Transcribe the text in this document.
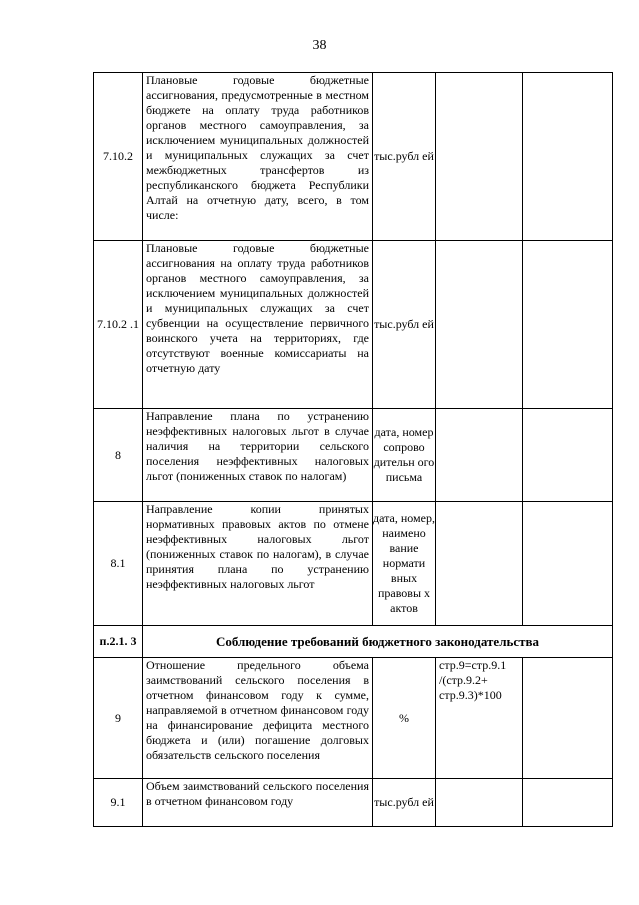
38
7.10.2	Плановые годовые бюджетные ассигнования, предусмотренные в местном бюджете на оплату труда работников органов местного самоуправления, за исключением муниципальных должностей и муниципальных служащих за счет межбюджетных трансфертов из республиканского бюджета Республики Алтай на отчетную дату, всего, в том числе:	тыс.рубл ей		
7.10.2 .1	Плановые годовые бюджетные ассигнования на оплату труда работников органов местного самоуправления, за исключением муниципальных должностей и муниципальных служащих за счет субвенции на осуществление первичного воинского учета на территориях, где отсутствуют военные комиссариаты на отчетную дату	тыс.рубл ей		
8	Направление плана по устранению неэффективных налоговых льгот в случае наличия на территории сельского поселения неэффективных налоговых льгот (пониженных ставок по налогам)	дата, номер сопрово дительн ого письма		
8.1	Направление копии принятых нормативных правовых актов по отмене неэффективных налоговых льгот (пониженных ставок по налогам), в случае принятия плана по устранению неэффективных налоговых льгот	дата, номер, наимено вание нормати вных правовы х актов		
п.2.1. 3	Соблюдение требований бюджетного законодательства			
9	Отношение предельного объема заимствований сельского поселения в отчетном финансовом году к сумме, направляемой в отчетном финансовом году на финансирование дефицита местного бюджета и (или) погашение долговых обязательств сельского поселения	%	стр.9=стр.9.1 /(стр.9.2+ стр.9.3)*100	
9.1	Объем заимствований сельского поселения в отчетном финансовом году	тыс.рубл ей		
